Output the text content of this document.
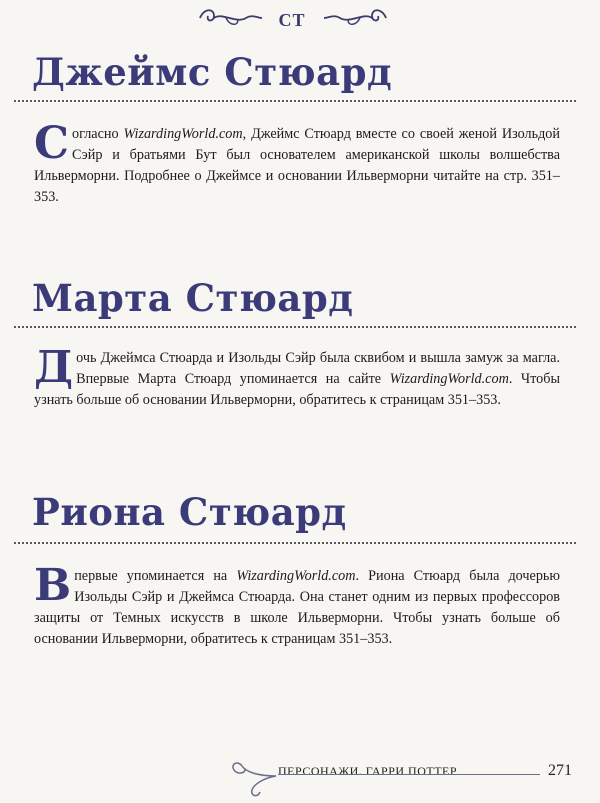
СТ
Джеймс Стюард
Согласно WizardingWorld.com, Джеймс Стюард вместе со своей женой Изольдой Сэйр и братьями Бут был основателем американской школы волшебства Ильверморни. Подробнее о Джеймсе и основании Ильверморни читайте на стр. 351–353.
Марта Стюард
Дочь Джеймса Стюарда и Изольды Сэйр была сквибом и вышла замуж за магла. Впервые Марта Стюард упоминается на сайте WizardingWorld.com. Чтобы узнать больше об основании Ильверморни, обратитесь к страницам 351–353.
Риона Стюард
Впервые упоминается на WizardingWorld.com. Риона Стюард была дочерью Изольды Сэйр и Джеймса Стюарда. Она станет одним из первых профессоров защиты от Темных искусств в школе Ильверморни. Чтобы узнать больше об основании Ильверморни, обратитесь к страницам 351–353.
ПЕРСОНАЖИ. ГАРРИ ПОТТЕР	271
